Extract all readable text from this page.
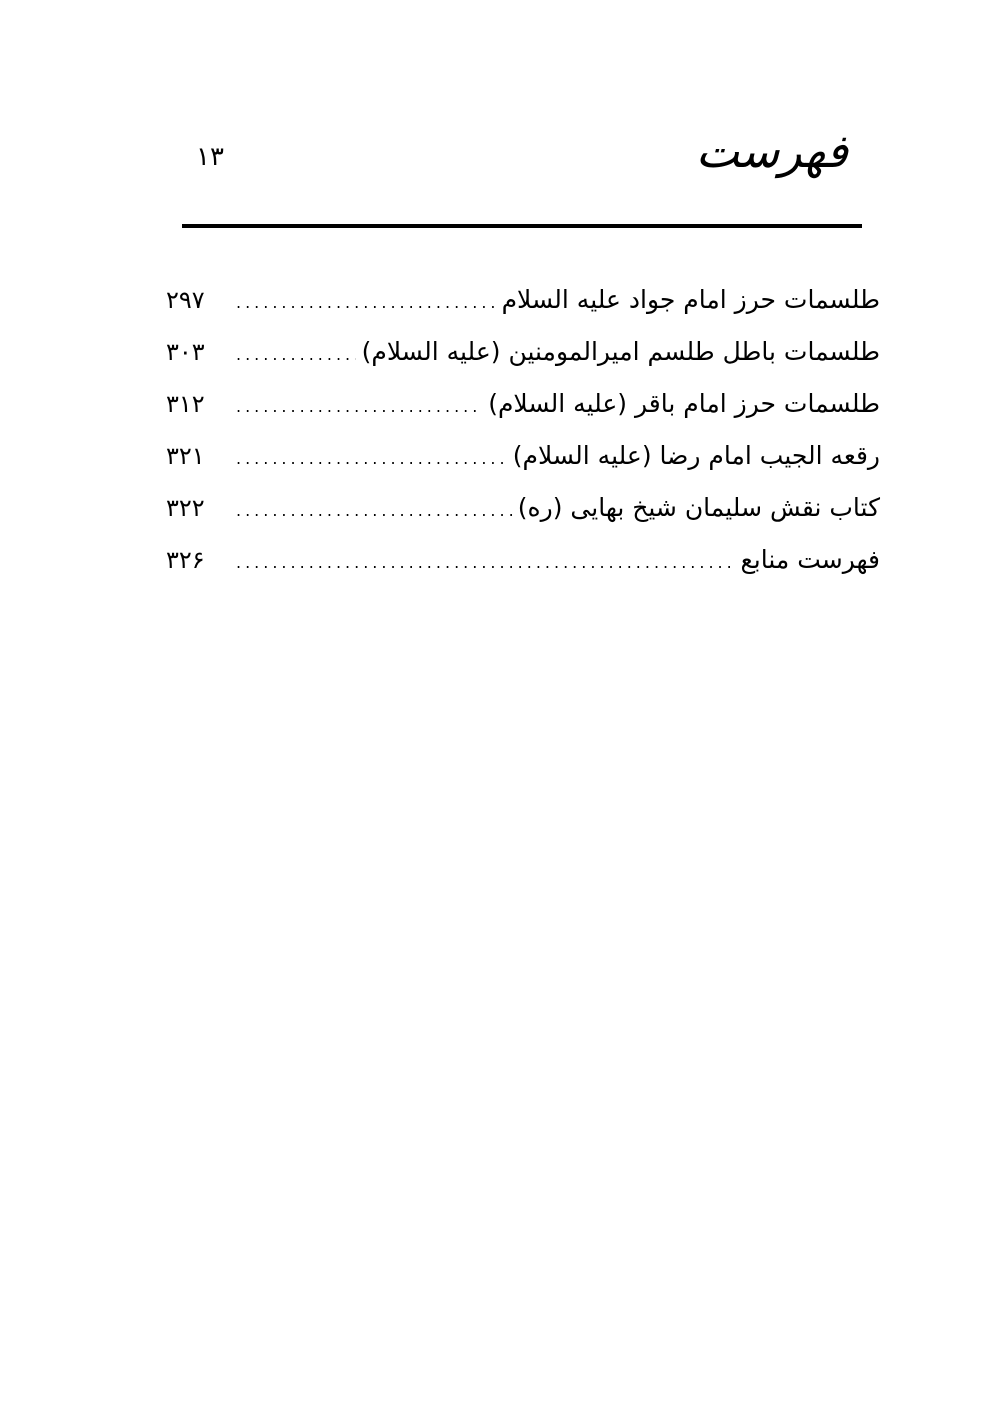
فهرست
۱۳
طلسمات حرز امام جواد علیه السلام
.....
۲۹۷
طلسمات باطل طلسم امیرالمومنین (علیه السلام)
.....
۳۰۳
طلسمات حرز امام باقر (علیه السلام)
.....
۳۱۲
رقعه الجیب امام رضا (علیه السلام)
.....
۳۲۱
کتاب نقش سلیمان شیخ بهایی (ره)
.....
۳۲۲
فهرست منابع
.....
۳۲۶
